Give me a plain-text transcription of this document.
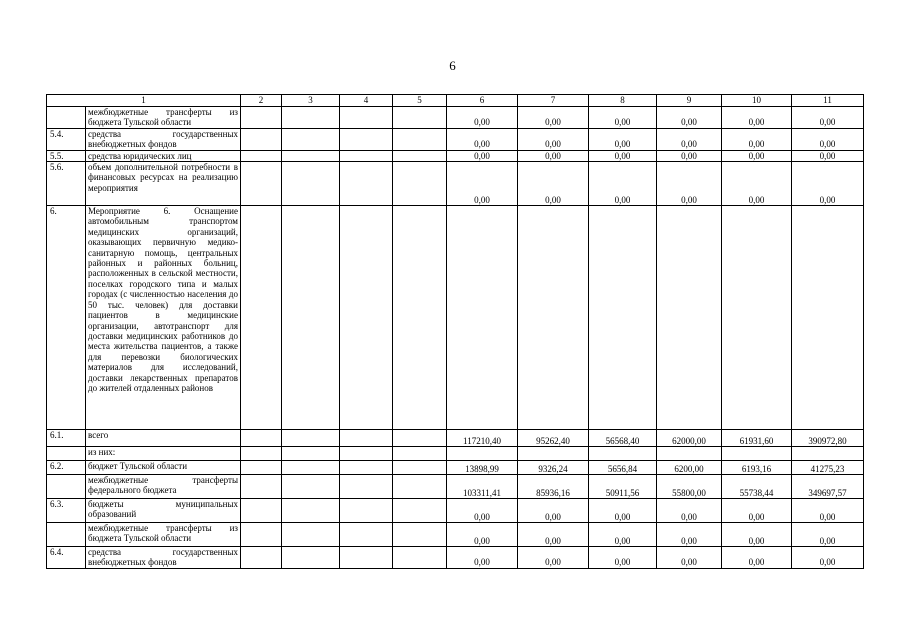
6
1		2	3	4	5	6	7	8	9	10	11
	межбюджетные трансферты из бюджета Тульской области					0,00	0,00	0,00	0,00	0,00	0,00
5.4.	средства государственных внебюджетных фондов					0,00	0,00	0,00	0,00	0,00	0,00
5.5.	средства юридических лиц					0,00	0,00	0,00	0,00	0,00	0,00
5.6.	объем дополнительной потребности в финансовых ресурсах на реализацию мероприятия					0,00	0,00	0,00	0,00	0,00	0,00
6.	Мероприятие 6. Оснащение автомобильным транспортом медицинских организаций, оказывающих первичную медико-санитарную помощь, центральных районных и районных больниц, расположенных в сельской местности, поселках городского типа и малых городах (с численностью населения до 50 тыс. человек) для доставки пациентов в медицинские организации, автотранспорт для доставки медицинских работников до места жительства пациентов, а также для перевозки биологических материалов для исследований, доставки лекарственных препаратов до жителей отдаленных районов										
6.1.	всего					117210,40	95262,40	56568,40	62000,00	61931,60	390972,80
	из них:										
6.2.	бюджет Тульской области					13898,99	9326,24	5656,84	6200,00	6193,16	41275,23
	межбюджетные трансферты федерального бюджета					103311,41	85936,16	50911,56	55800,00	55738,44	349697,57
6.3.	бюджеты муниципальных образований					0,00	0,00	0,00	0,00	0,00	0,00
	межбюджетные трансферты из бюджета Тульской области					0,00	0,00	0,00	0,00	0,00	0,00
6.4.	средства государственных внебюджетных фондов					0,00	0,00	0,00	0,00	0,00	0,00
